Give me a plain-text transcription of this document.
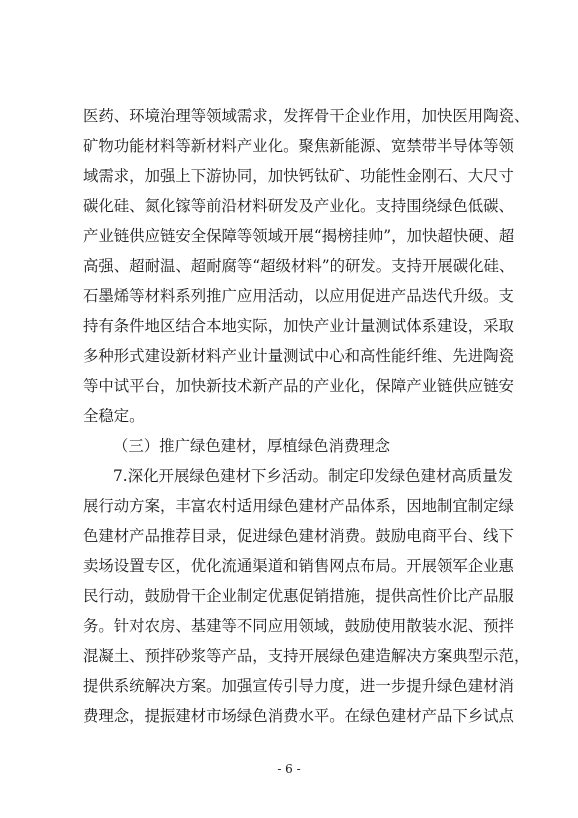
医药、环境治理等领域需求，发挥骨干企业作用，加快医用陶瓷、
矿物功能材料等新材料产业化。聚焦新能源、宽禁带半导体等领
域需求，加强上下游协同，加快钙钛矿、功能性金刚石、大尺寸
碳化硅、氮化镓等前沿材料研发及产业化。支持围绕绿色低碳、
产业链供应链安全保障等领域开展“揭榜挂帅”，加快超快硬、超
高强、超耐温、超耐腐等“超级材料”的研发。支持开展碳化硅、
石墨烯等材料系列推广应用活动，以应用促进产品迭代升级。支
持有条件地区结合本地实际，加快产业计量测试体系建设，采取
多种形式建设新材料产业计量测试中心和高性能纤维、先进陶瓷
等中试平台，加快新技术新产品的产业化，保障产业链供应链安
全稳定。
（三）推广绿色建材，厚植绿色消费理念
7.深化开展绿色建材下乡活动。制定印发绿色建材高质量发
展行动方案，丰富农村适用绿色建材产品体系，因地制宜制定绿
色建材产品推荐目录，促进绿色建材消费。鼓励电商平台、线下
卖场设置专区，优化流通渠道和销售网点布局。开展领军企业惠
民行动，鼓励骨干企业制定优惠促销措施，提供高性价比产品服
务。针对农房、基建等不同应用领域，鼓励使用散装水泥、预拌
混凝土、预拌砂浆等产品，支持开展绿色建造解决方案典型示范，
提供系统解决方案。加强宣传引导力度，进一步提升绿色建材消
费理念，提振建材市场绿色消费水平。在绿色建材产品下乡试点
- 6 -
